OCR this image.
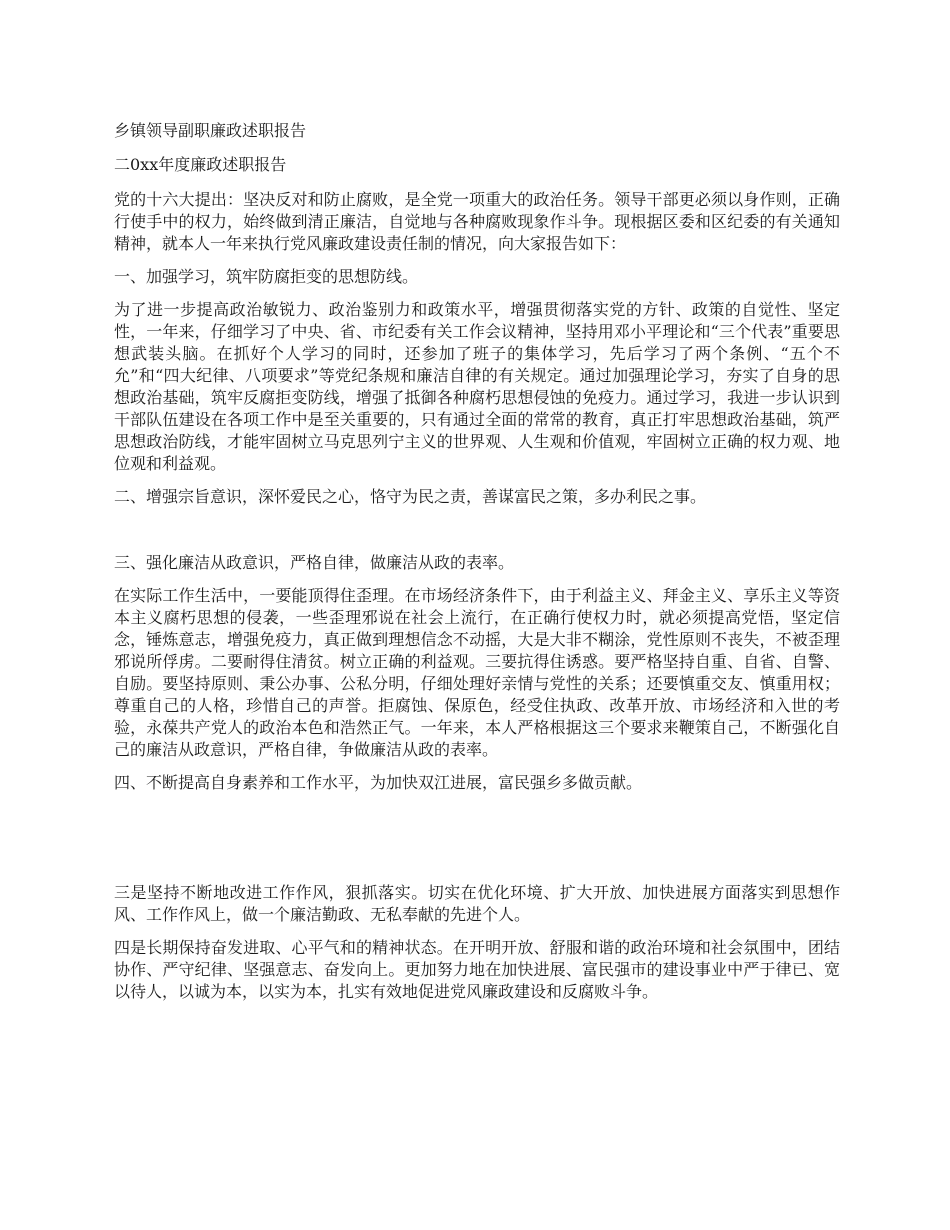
乡镇领导副职廉政述职报告

二0xx年度廉政述职报告

党的十六大提出：坚决反对和防止腐败，是全党一项重大的政治任务。领导干部更必须以身作则，正确行使手中的权力，始终做到清正廉洁，自觉地与各种腐败现象作斗争。现根据区委和区纪委的有关通知精神，就本人一年来执行党风廉政建设责任制的情况，向大家报告如下：

一、加强学习，筑牢防腐拒变的思想防线。

为了进一步提高政治敏锐力、政治鉴别力和政策水平，增强贯彻落实党的方针、政策的自觉性、坚定性，一年来，仔细学习了中央、省、市纪委有关工作会议精神，坚持用邓小平理论和“三个代表”重要思想武装头脑。在抓好个人学习的同时，还参加了班子的集体学习，先后学习了两个条例、“五个不允”和“四大纪律、八项要求”等党纪条规和廉洁自律的有关规定。通过加强理论学习，夯实了自身的思想政治基础，筑牢反腐拒变防线，增强了抵御各种腐朽思想侵蚀的免疫力。通过学习，我进一步认识到干部队伍建设在各项工作中是至关重要的，只有通过全面的常常的教育，真正打牢思想政治基础，筑严思想政治防线，才能牢固树立马克思列宁主义的世界观、人生观和价值观，牢固树立正确的权力观、地位观和利益观。

二、增强宗旨意识，深怀爱民之心，恪守为民之责，善谋富民之策，多办利民之事。

三、强化廉洁从政意识，严格自律，做廉洁从政的表率。

在实际工作生活中，一要能顶得住歪理。在市场经济条件下，由于利益主义、拜金主义、享乐主义等资本主义腐朽思想的侵袭，一些歪理邪说在社会上流行，在正确行使权力时，就必须提高党悟，坚定信念，锤炼意志，增强免疫力，真正做到理想信念不动摇，大是大非不糊涂，党性原则不丧失，不被歪理邪说所俘虏。二要耐得住清贫。树立正确的利益观。三要抗得住诱惑。要严格坚持自重、自省、自警、自励。要坚持原则、秉公办事、公私分明，仔细处理好亲情与党性的关系；还要慎重交友、慎重用权；尊重自己的人格，珍惜自己的声誉。拒腐蚀、保原色，经受住执政、改革开放、市场经济和入世的考验，永葆共产党人的政治本色和浩然正气。一年来，本人严格根据这三个要求来鞭策自己，不断强化自己的廉洁从政意识，严格自律，争做廉洁从政的表率。

四、不断提高自身素养和工作水平，为加快双江进展，富民强乡多做贡献。

三是坚持不断地改进工作作风，狠抓落实。切实在优化环境、扩大开放、加快进展方面落实到思想作风、工作作风上，做一个廉洁勤政、无私奉献的先进个人。

四是长期保持奋发进取、心平气和的精神状态。在开明开放、舒服和谐的政治环境和社会氛围中，团结协作、严守纪律、坚强意志、奋发向上。更加努力地在加快进展、富民强市的建设事业中严于律已、宽以待人，以诚为本，以实为本，扎实有效地促进党风廉政建设和反腐败斗争。
